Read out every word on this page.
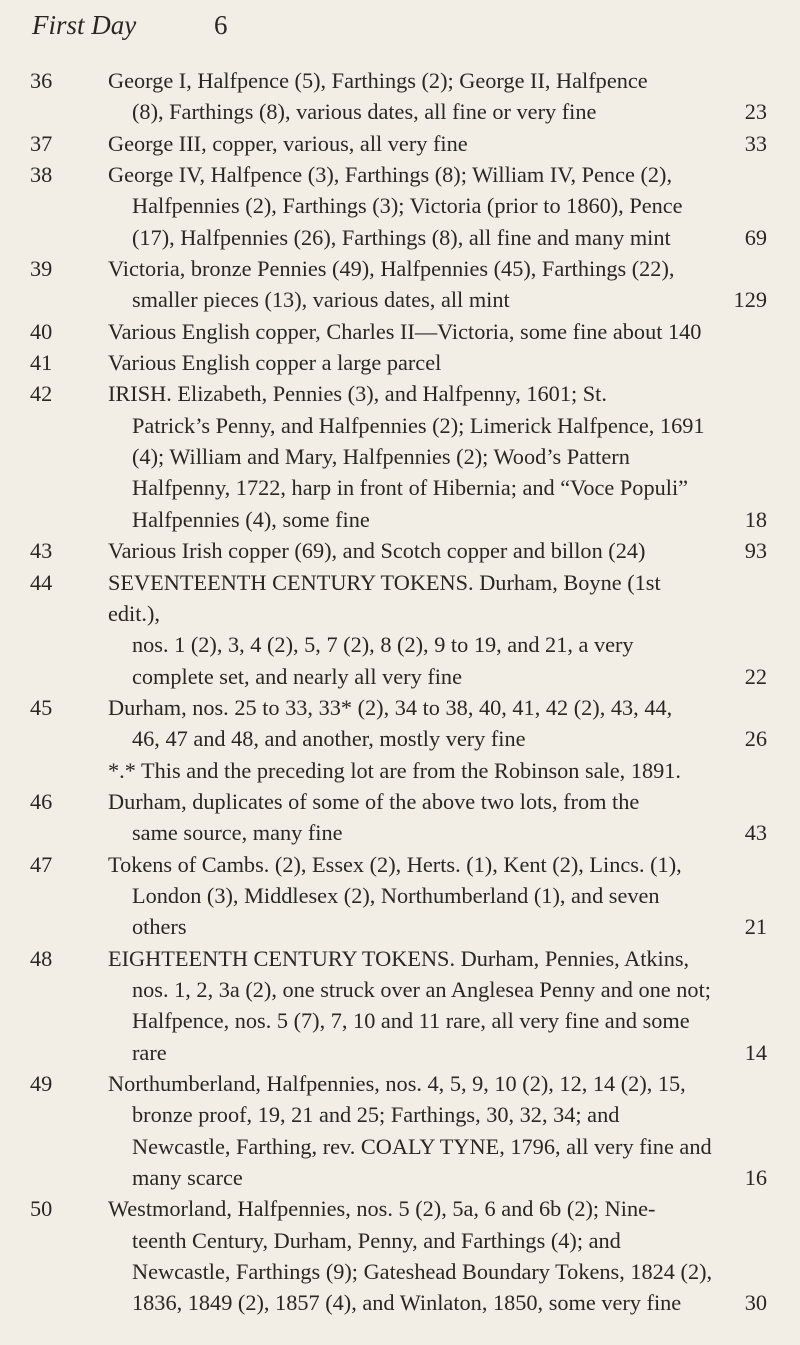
First Day	6
36	George I, Halfpence (5), Farthings (2); George II, Halfpence
(8), Farthings (8), various dates, all fine or very fine	23
37	George III, copper, various, all very fine	33
38	George IV, Halfpence (3), Farthings (8); William IV, Pence (2),
Halfpennies (2), Farthings (3); Victoria (prior to 1860), Pence (17), Halfpennies (26), Farthings (8), all fine and many mint	69
39	Victoria, bronze Pennies (49), Halfpennies (45), Farthings (22),
smaller pieces (13), various dates, all mint	129
40	Various English copper, Charles II—Victoria, some fine about 140
41	Various English copper a large parcel
42	IRISH. Elizabeth, Pennies (3), and Halfpenny, 1601; St.
Patrick’s Penny, and Halfpennies (2); Limerick Halfpence, 1691 (4); William and Mary, Halfpennies (2); Wood’s Pattern Halfpenny, 1722, harp in front of Hibernia; and “Voce Populi” Halfpennies (4), some fine	18
43	Various Irish copper (69), and Scotch copper and billon (24)	93
44	SEVENTEENTH CENTURY TOKENS. Durham, Boyne (1st edit.),
nos. 1 (2), 3, 4 (2), 5, 7 (2), 8 (2), 9 to 19, and 21, a very complete set, and nearly all very fine	22
45	Durham, nos. 25 to 33, 33* (2), 34 to 38, 40, 41, 42 (2), 43, 44,
46, 47 and 48, and another, mostly very fine	26
*.* This and the preceding lot are from the Robinson sale, 1891.
46	Durham, duplicates of some of the above two lots, from the
same source, many fine	43
47	Tokens of Cambs. (2), Essex (2), Herts. (1), Kent (2), Lincs. (1),
London (3), Middlesex (2), Northumberland (1), and seven others	21
48	EIGHTEENTH CENTURY TOKENS. Durham, Pennies, Atkins,
nos. 1, 2, 3a (2), one struck over an Anglesea Penny and one not; Halfpence, nos. 5 (7), 7, 10 and 11 rare, all very fine and some rare	14
49	Northumberland, Halfpennies, nos. 4, 5, 9, 10 (2), 12, 14 (2), 15,
bronze proof, 19, 21 and 25; Farthings, 30, 32, 34; and Newcastle, Farthing, rev. COALY TYNE, 1796, all very fine and many scarce	16
50	Westmorland, Halfpennies, nos. 5 (2), 5a, 6 and 6b (2); Nine-
teenth Century, Durham, Penny, and Farthings (4); and Newcastle, Farthings (9); Gateshead Boundary Tokens, 1824 (2), 1836, 1849 (2), 1857 (4), and Winlaton, 1850, some very fine	30
